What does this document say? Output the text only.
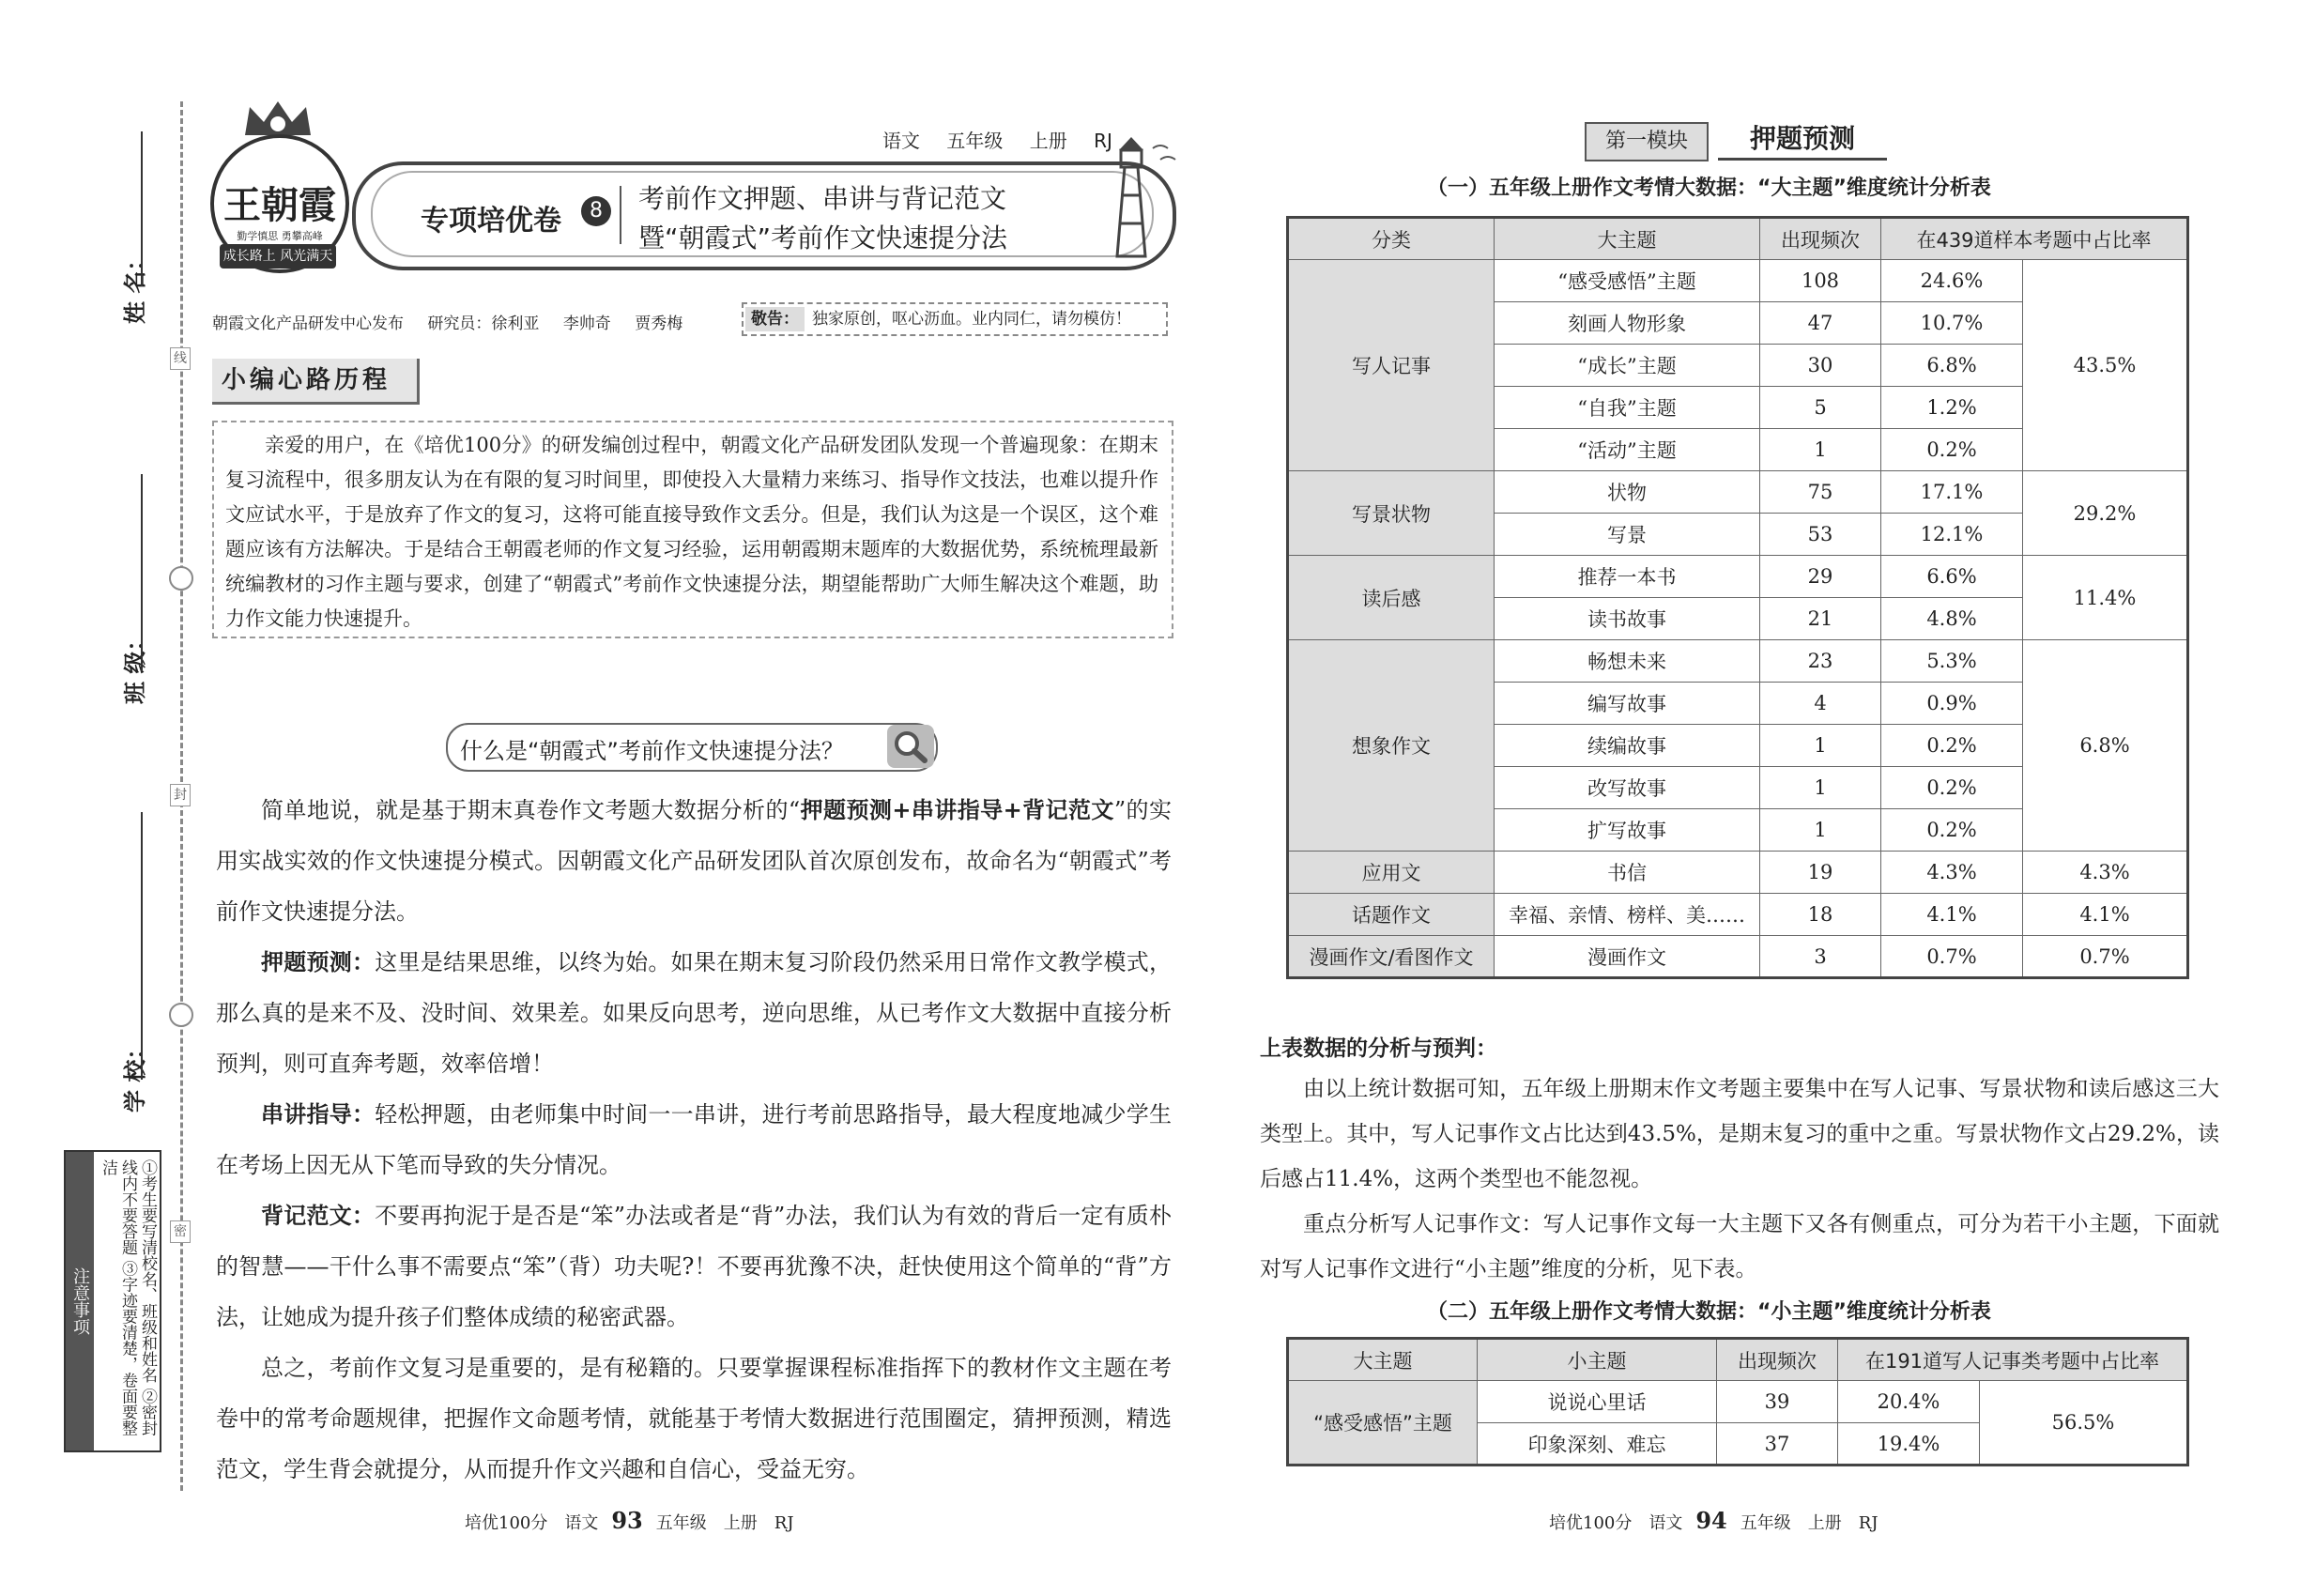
线
封
密
姓 名：
班 级：
学 校：
注意事项	①考生要写清校名、班级和姓名 ②密封线内不要答题 ③字迹要清楚，卷面要整洁
王朝霞
勤学慎思 勇攀高峰
成长路上 风光满天
语文 五年级 上册 RJ
专项培优卷	8	考前作文押题、串讲与背记范文
暨“朝霞式”考前作文快速提分法
朝霞文化产品研发中心发布 研究员：徐利亚 李帅奇 贾秀梅	敬告： 独家原创，呕心沥血。业内同仁，请勿模仿！
小编心路历程
亲爱的用户，在《培优100分》的研发编创过程中，朝霞文化产品研发团队发现一个普遍现象：在期末复习流程中，很多朋友认为在有限的复习时间里，即使投入大量精力来练习、指导作文技法，也难以提升作文应试水平，于是放弃了作文的复习，这将可能直接导致作文丢分。但是，我们认为这是一个误区，这个难题应该有方法解决。于是结合王朝霞老师的作文复习经验，运用朝霞期末题库的大数据优势，系统梳理最新统编教材的习作主题与要求，创建了“朝霞式”考前作文快速提分法，期望能帮助广大师生解决这个难题，助力作文能力快速提升。
什么是“朝霞式”考前作文快速提分法？
简单地说，就是基于期末真卷作文考题大数据分析的“押题预测+串讲指导+背记范文”的实用实战实效的作文快速提分模式。因朝霞文化产品研发团队首次原创发布，故命名为“朝霞式”考前作文快速提分法。
押题预测：这里是结果思维，以终为始。如果在期末复习阶段仍然采用日常作文教学模式，那么真的是来不及、没时间、效果差。如果反向思考，逆向思维，从已考作文大数据中直接分析预判，则可直奔考题，效率倍增！
串讲指导：轻松押题，由老师集中时间一一串讲，进行考前思路指导，最大程度地减少学生在考场上因无从下笔而导致的失分情况。
背记范文：不要再拘泥于是否是“笨”办法或者是“背”办法，我们认为有效的背后一定有质朴的智慧——干什么事不需要点“笨”（背）功夫呢?！不要再犹豫不决，赶快使用这个简单的“背”方法，让她成为提升孩子们整体成绩的秘密武器。
总之，考前作文复习是重要的，是有秘籍的。只要掌握课程标准指挥下的教材作文主题在考卷中的常考命题规律，把握作文命题考情，就能基于考情大数据进行范围圈定，猜押预测，精选范文，学生背会就提分，从而提升作文兴趣和自信心，受益无穷。
培优100分　语文 93 五年级　上册　RJ
第一模块	押题预测
（一）五年级上册作文考情大数据：“大主题”维度统计分析表
分类	大主题	出现频次	在439道样本考题中占比率	
写人记事	“感受感悟”主题	108	24.6%	43.5%
	刻画人物形象	47	10.7%	
	“成长”主题	30	6.8%	
	“自我”主题	5	1.2%	
	“活动”主题	1	0.2%	
写景状物	状物	75	17.1%	29.2%
	写景	53	12.1%	
读后感	推荐一本书	29	6.6%	11.4%
	读书故事	21	4.8%	
想象作文	畅想未来	23	5.3%	6.8%
	编写故事	4	0.9%	
	续编故事	1	0.2%	
	改写故事	1	0.2%	
	扩写故事	1	0.2%	
应用文	书信	19	4.3%	4.3%
话题作文	幸福、亲情、榜样、美……	18	4.1%	4.1%
漫画作文/看图作文	漫画作文	3	0.7%	0.7%
上表数据的分析与预判：
由以上统计数据可知，五年级上册期末作文考题主要集中在写人记事、写景状物和读后感这三大类型上。其中，写人记事作文占比达到43.5%，是期末复习的重中之重。写景状物作文占29.2%，读后感占11.4%，这两个类型也不能忽视。
重点分析写人记事作文：写人记事作文每一大主题下又各有侧重点，可分为若干小主题，下面就对写人记事作文进行“小主题”维度的分析，见下表。
（二）五年级上册作文考情大数据：“小主题”维度统计分析表
大主题	小主题	出现频次	在191道写人记事类考题中占比率	
“感受感悟”主题	说说心里话	39	20.4%	56.5%
	印象深刻、难忘	37	19.4%	
培优100分　语文 94 五年级　上册　RJ
